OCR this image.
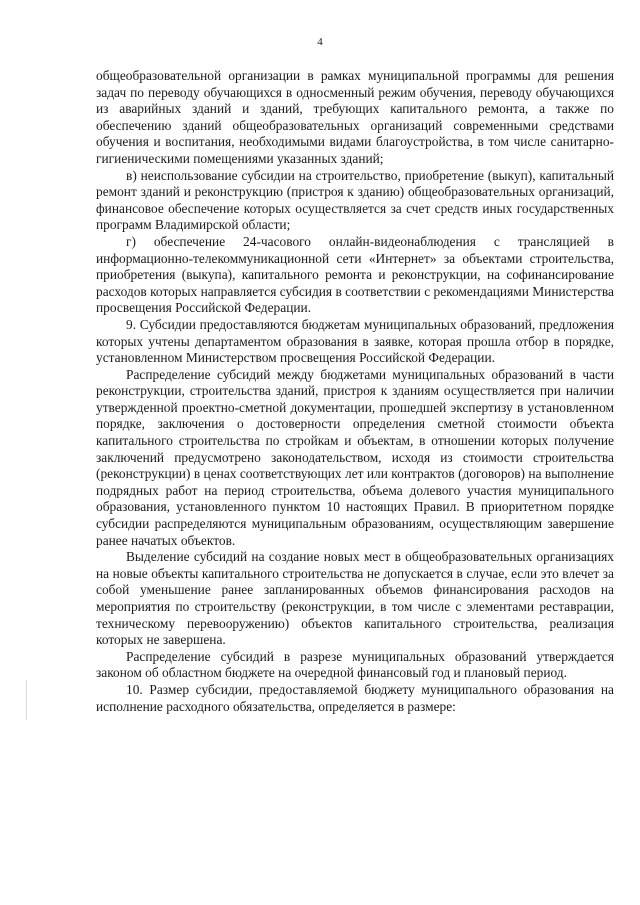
4

общеобразовательной организации в рамках муниципальной программы для решения задач по переводу обучающихся в односменный режим обучения, переводу обучающихся из аварийных зданий и зданий, требующих капитального ремонта, а также по обеспечению зданий общеобразовательных организаций современными средствами обучения и воспитания, необходимыми видами благоустройства, в том числе санитарно-гигиеническими помещениями указанных зданий;

в) неиспользование субсидии на строительство, приобретение (выкуп), капитальный ремонт зданий и реконструкцию (пристроя к зданию) общеобразовательных организаций, финансовое обеспечение которых осуществляется за счет средств иных государственных программ Владимирской области;

г) обеспечение 24-часового онлайн-видеонаблюдения с трансляцией в информационно-телекоммуникационной сети «Интернет» за объектами строительства, приобретения (выкупа), капитального ремонта и реконструкции, на софинансирование расходов которых направляется субсидия в соответствии с рекомендациями Министерства просвещения Российской Федерации.

9. Субсидии предоставляются бюджетам муниципальных образований, предложения которых учтены департаментом образования в заявке, которая прошла отбор в порядке, установленном Министерством просвещения Российской Федерации.

Распределение субсидий между бюджетами муниципальных образований в части реконструкции, строительства зданий, пристроя к зданиям осуществляется при наличии утвержденной проектно-сметной документации, прошедшей экспертизу в установленном порядке, заключения о достоверности определения сметной стоимости объекта капитального строительства по стройкам и объектам, в отношении которых получение заключений предусмотрено законодательством, исходя из стоимости строительства (реконструкции) в ценах соответствующих лет или контрактов (договоров) на выполнение подрядных работ на период строительства, объема долевого участия муниципального образования, установленного пунктом 10 настоящих Правил. В приоритетном порядке субсидии распределяются муниципальным образованиям, осуществляющим завершение ранее начатых объектов.

Выделение субсидий на создание новых мест в общеобразовательных организациях на новые объекты капитального строительства не допускается в случае, если это влечет за собой уменьшение ранее запланированных объемов финансирования расходов на мероприятия по строительству (реконструкции, в том числе с элементами реставрации, техническому перевооружению) объектов капитального строительства, реализация которых не завершена.

Распределение субсидий в разрезе муниципальных образований утверждается законом об областном бюджете на очередной финансовый год и плановый период.

10. Размер субсидии, предоставляемой бюджету муниципального образования на исполнение расходного обязательства, определяется в размере:
